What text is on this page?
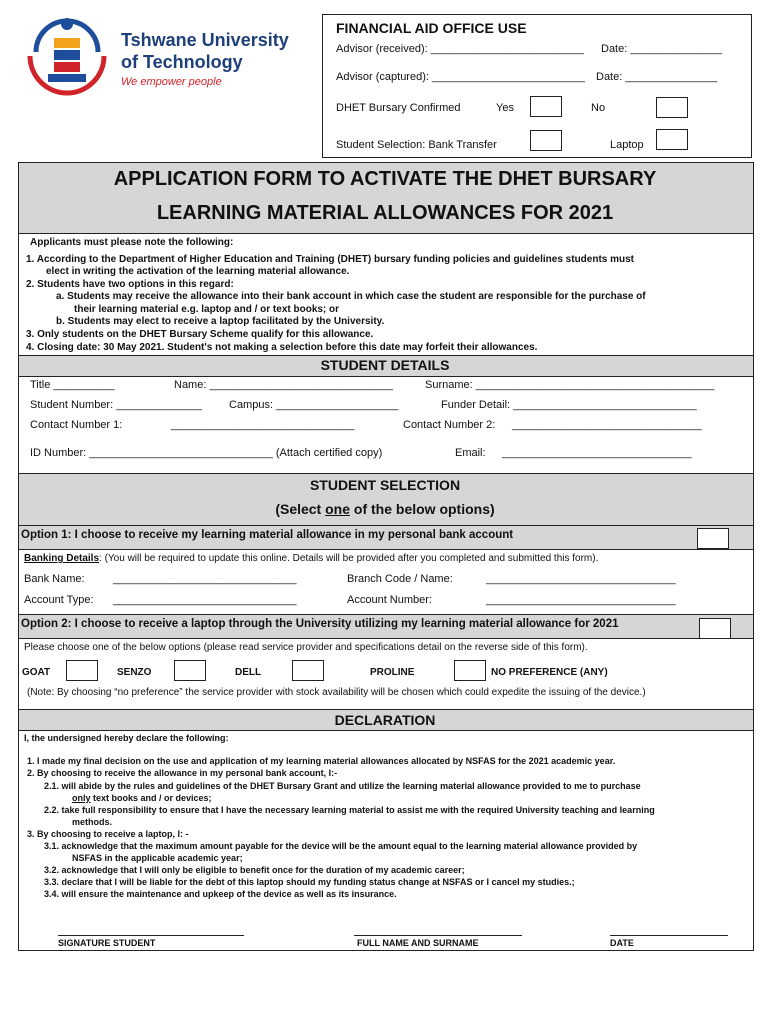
Tshwane University
of Technology
We empower people
FINANCIAL AID OFFICE USE
Advisor (received): _________________________ Date: _______________
Advisor (captured): _________________________ Date: _______________
DHET Bursary Confirmed	Yes	No
Student Selection: Bank Transfer	Laptop
APPLICATION FORM TO ACTIVATE THE DHET BURSARY
LEARNING MATERIAL ALLOWANCES FOR 2021
Applicants must please note the following:
1. According to the Department of Higher Education and Training (DHET) bursary funding policies and guidelines students must
elect in writing the activation of the learning material allowance.
2. Students have two options in this regard:
a. Students may receive the allowance into their bank account in which case the student are responsible for the purchase of
their learning material e.g. laptop and / or text books; or
b. Students may elect to receive a laptop facilitated by the University.
3. Only students on the DHET Bursary Scheme qualify for this allowance.
4. Closing date: 30 May 2021. Student's not making a selection before this date may forfeit their allowances.
STUDENT DETAILS
Title __________	Name: ______________________________	Surname: _______________________________________
Student Number: ______________ Campus: ____________________	Funder Detail: ______________________________
Contact Number 1:	______________________________	Contact Number 2: _______________________________
ID Number: ______________________________ (Attach certified copy)	Email: _______________________________
STUDENT SELECTION
(Select one of the below options)
Option 1: I choose to receive my learning material allowance in my personal bank account
Banking Details: (You will be required to update this online. Details will be provided after you completed and submitted this form).
Bank Name:	______________________________	Branch Code / Name:	_______________________________
Account Type: ______________________________	Account Number:	_______________________________
Option 2: I choose to receive a laptop through the University utilizing my learning material allowance for 2021
Please choose one of the below options (please read service provider and specifications detail on the reverse side of this form).
GOAT	SENZO	DELL	PROLINE	NO PREFERENCE (ANY)
(Note: By choosing “no preference” the service provider with stock availability will be chosen which could expedite the issuing of the device.)
DECLARATION
I, the undersigned hereby declare the following:
1. I made my final decision on the use and application of my learning material allowances allocated by NSFAS for the 2021 academic year.
2. By choosing to receive the allowance in my personal bank account, I:-
2.1. will abide by the rules and guidelines of the DHET Bursary Grant and utilize the learning material allowance provided to me to purchase
only text books and / or devices;
2.2. take full responsibility to ensure that I have the necessary learning material to assist me with the required University teaching and learning
methods.
3. By choosing to receive a laptop, I: -
3.1. acknowledge that the maximum amount payable for the device will be the amount equal to the learning material allowance provided by
NSFAS in the applicable academic year;
3.2. acknowledge that I will only be eligible to benefit once for the duration of my academic career;
3.3. declare that I will be liable for the debt of this laptop should my funding status change at NSFAS or I cancel my studies.;
3.4. will ensure the maintenance and upkeep of the device as well as its insurance.
SIGNATURE STUDENT	FULL NAME AND SURNAME	DATE
